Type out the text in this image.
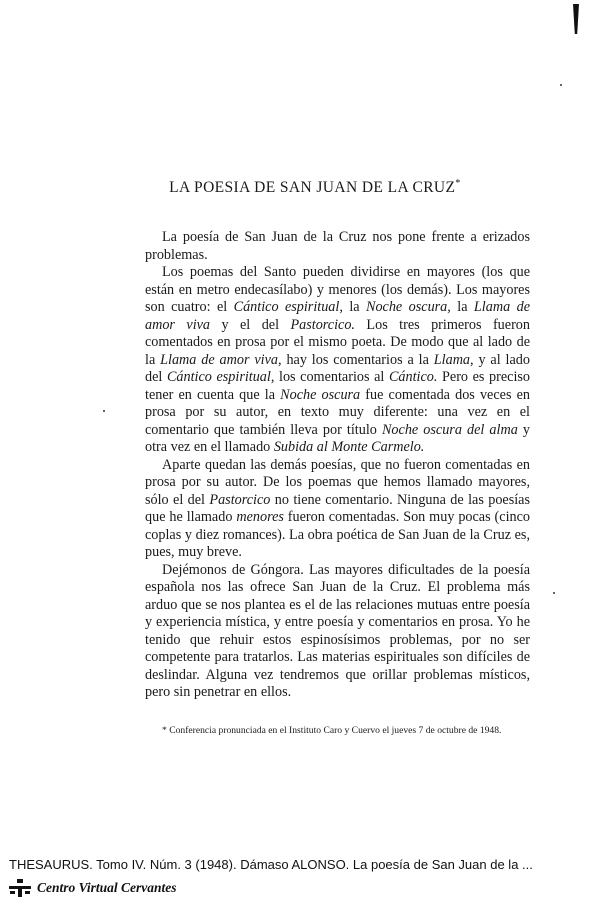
LA POESIA DE SAN JUAN DE LA CRUZ*

La poesía de San Juan de la Cruz nos pone frente a erizados problemas.

Los poemas del Santo pueden dividirse en mayores (los que están en metro endecasílabo) y menores (los demás). Los mayores son cuatro: el Cántico espiritual, la Noche oscura, la Llama de amor viva y el del Pastorcico. Los tres primeros fueron comentados en prosa por el mismo poeta. De modo que al lado de la Llama de amor viva, hay los comentarios a la Llama, y al lado del Cántico espiritual, los comentarios al Cántico. Pero es preciso tener en cuenta que la Noche oscura fue comentada dos veces en prosa por su autor, en texto muy diferente: una vez en el comentario que también lleva por título Noche oscura del alma y otra vez en el llamado Subida al Monte Carmelo.

Aparte quedan las demás poesías, que no fueron comentadas en prosa por su autor. De los poemas que hemos llamado mayores, sólo el del Pastorcico no tiene comentario. Ninguna de las poesías que he llamado menores fueron comentadas. Son muy pocas (cinco coplas y diez romances). La obra poética de San Juan de la Cruz es, pues, muy breve.

Dejémonos de Góngora. Las mayores dificultades de la poesía española nos las ofrece San Juan de la Cruz. El problema más arduo que se nos plantea es el de las relaciones mutuas entre poesía y experiencia mística, y entre poesía y comentarios en prosa. Yo he tenido que rehuir estos espinosísimos problemas, por no ser competente para tratarlos. Las materias espirituales son difíciles de deslindar. Alguna vez tendremos que orillar problemas místicos, pero sin penetrar en ellos.

* Conferencia pronunciada en el Instituto Caro y Cuervo el jueves 7 de octubre de 1948.

THESAURUS. Tomo IV. Núm. 3 (1948). Dámaso ALONSO. La poesía de San Juan de la ...
Centro Virtual Cervantes
